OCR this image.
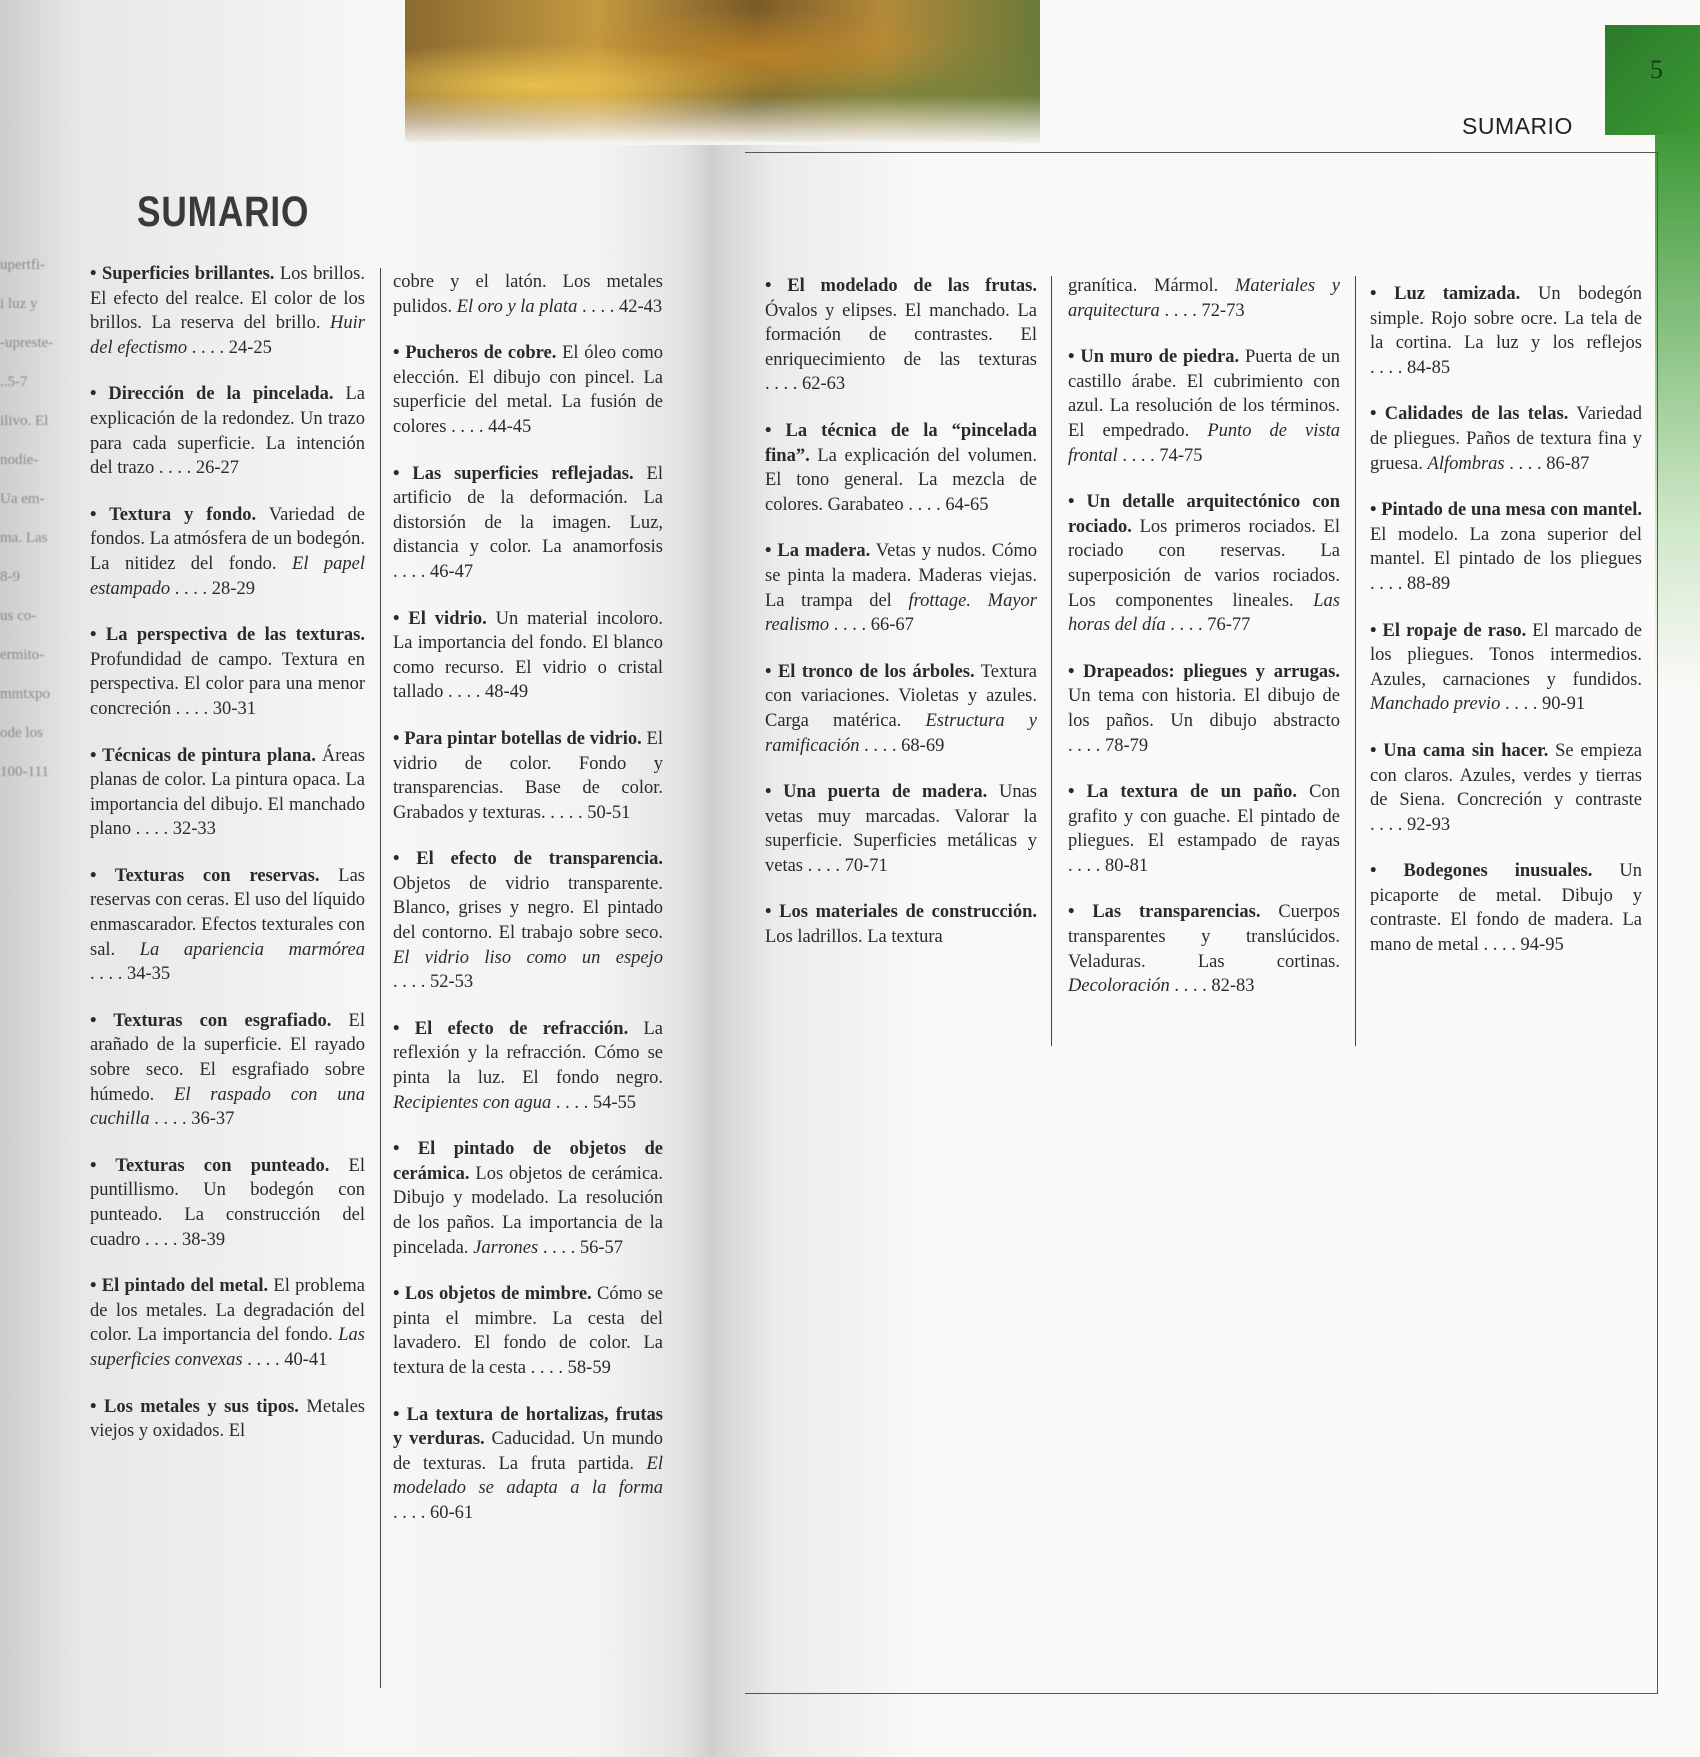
5
SUMARIO
SUMARIO
upertfi-
i luz y
-upreste-
..5-7
ilivo. El
nodie-
Ua em-
ma. Las
8-9
us co-
ermito-
mmtxpo
ode los
100-111

• Superficies brillantes. Los brillos. El efecto del realce. El color de los brillos. La reserva del brillo. Huir del efectismo . . . . 24-25

• Dirección de la pincelada. La explicación de la redondez. Un trazo para cada superficie. La intención del trazo . . . . 26-27

• Textura y fondo. Variedad de fondos. La atmósfera de un bodegón. La nitidez del fondo. El papel estampado . . . . 28-29

• La perspectiva de las texturas. Profundidad de campo. Textura en perspectiva. El color para una menor concreción . . . . 30-31

• Técnicas de pintura plana. Áreas planas de color. La pintura opaca. La importancia del dibujo. El manchado plano . . . . 32-33

• Texturas con reservas. Las reservas con ceras. El uso del líquido enmascarador. Efectos texturales con sal. La apariencia marmórea . . . . 34-35

• Texturas con esgrafiado. El arañado de la superficie. El rayado sobre seco. El esgrafiado sobre húmedo. El raspado con una cuchilla . . . . 36-37

• Texturas con punteado. El puntillismo. Un bodegón con punteado. La construcción del cuadro . . . . 38-39

• El pintado del metal. El problema de los metales. La degradación del color. La importancia del fondo. Las superficies convexas . . . . 40-41

• Los metales y sus tipos. Metales viejos y oxidados. El

cobre y el latón. Los metales pulidos. El oro y la plata . . . . 42-43

• Pucheros de cobre. El óleo como elección. El dibujo con pincel. La superficie del metal. La fusión de colores . . . . 44-45

• Las superficies reflejadas. El artificio de la deformación. La distorsión de la imagen. Luz, distancia y color. La anamorfosis . . . . 46-47

• El vidrio. Un material incoloro. La importancia del fondo. El blanco como recurso. El vidrio o cristal tallado . . . . 48-49

• Para pintar botellas de vidrio. El vidrio de color. Fondo y transparencias. Base de color. Grabados y texturas. . . . . 50-51

• El efecto de transparencia. Objetos de vidrio transparente. Blanco, grises y negro. El pintado del contorno. El trabajo sobre seco. El vidrio liso como un espejo . . . . 52-53

• El efecto de refracción. La reflexión y la refracción. Cómo se pinta la luz. El fondo negro. Recipientes con agua . . . . 54-55

• El pintado de objetos de cerámica. Los objetos de cerámica. Dibujo y modelado. La resolución de los paños. La importancia de la pincelada. Jarrones . . . . 56-57

• Los objetos de mimbre. Cómo se pinta el mimbre. La cesta del lavadero. El fondo de color. La textura de la cesta . . . . 58-59

• La textura de hortalizas, frutas y verduras. Caducidad. Un mundo de texturas. La fruta partida. El modelado se adapta a la forma . . . . 60-61

• El modelado de las frutas. Óvalos y elipses. El manchado. La formación de contrastes. El enriquecimiento de las texturas . . . . 62-63

• La técnica de la “pincelada fina”. La explicación del volumen. El tono general. La mezcla de colores. Garabateo . . . . 64-65

• La madera. Vetas y nudos. Cómo se pinta la madera. Maderas viejas. La trampa del frottage. Mayor realismo . . . . 66-67

• El tronco de los árboles. Textura con variaciones. Violetas y azules. Carga matérica. Estructura y ramificación . . . . 68-69

• Una puerta de madera. Unas vetas muy marcadas. Valorar la superficie. Superficies metálicas y vetas . . . . 70-71

• Los materiales de construcción. Los ladrillos. La textura

granítica. Mármol. Materiales y arquitectura . . . . 72-73

• Un muro de piedra. Puerta de un castillo árabe. El cubrimiento con azul. La resolución de los términos. El empedrado. Punto de vista frontal . . . . 74-75

• Un detalle arquitectónico con rociado. Los primeros rociados. El rociado con reservas. La superposición de varios rociados. Los componentes lineales. Las horas del día . . . . 76-77

• Drapeados: pliegues y arrugas. Un tema con historia. El dibujo de los paños. Un dibujo abstracto . . . . 78-79

• La textura de un paño. Con grafito y con guache. El pintado de pliegues. El estampado de rayas . . . . 80-81

• Las transparencias. Cuerpos transparentes y translúcidos. Veladuras. Las cortinas. Decoloración . . . . 82-83

• Luz tamizada. Un bodegón simple. Rojo sobre ocre. La tela de la cortina. La luz y los reflejos . . . . 84-85

• Calidades de las telas. Variedad de pliegues. Paños de textura fina y gruesa. Alfombras . . . . 86-87

• Pintado de una mesa con mantel. El modelo. La zona superior del mantel. El pintado de los pliegues . . . . 88-89

• El ropaje de raso. El marcado de los pliegues. Tonos intermedios. Azules, carnaciones y fundidos. Manchado previo . . . . 90-91

• Una cama sin hacer. Se empieza con claros. Azules, verdes y tierras de Siena. Concreción y contraste . . . . 92-93

• Bodegones inusuales. Un picaporte de metal. Dibujo y contraste. El fondo de madera. La mano de metal . . . . 94-95
